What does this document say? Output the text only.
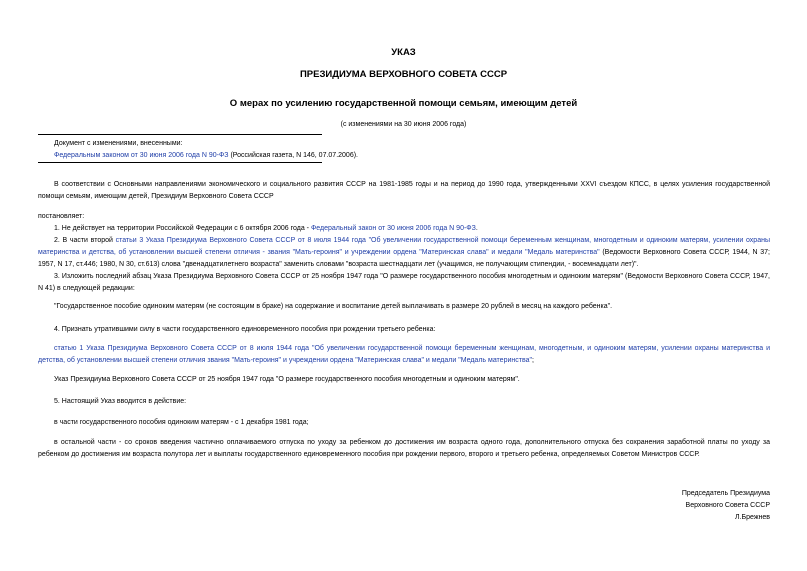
УКАЗ
ПРЕЗИДИУМА ВЕРХОВНОГО СОВЕТА СССР
О мерах по усилению государственной помощи семьям, имеющим детей
(с изменениями на 30 июня 2006 года)
Документ с изменениями, внесенными:
Федеральным законом от 30 июня 2006 года N 90-ФЗ (Российская газета, N 146, 07.07.2006).
В соответствии с Основными направлениями экономического и социального развития СССР на 1981-1985 годы и на период до 1990 года, утвержденными XXVI съездом КПСС, в целях усиления государственной помощи семьям, имеющим детей, Президиум Верховного Совета СССР
постановляет:
1. Не действует на территории Российской Федерации с 6 октября 2006 года - Федеральный закон от 30 июня 2006 года N 90-ФЗ.
2. В части второй статьи 3 Указа Президиума Верховного Совета СССР от 8 июля 1944 года "Об увеличении государственной помощи беременным женщинам, многодетным и одиноким матерям, усилении охраны материнства и детства, об установлении высшей степени отличия - звания "Мать-героиня" и учреждении ордена "Материнская слава" и медали "Медаль материнства" (Ведомости Верховного Совета СССР, 1944, N 37; 1957, N 17, ст.446; 1980, N 30, ст.613) слова "двенадцатилетнего возраста" заменить словами "возраста шестнадцати лет (учащимся, не получающим стипендии, - восемнадцати лет)".
3. Изложить последний абзац Указа Президиума Верховного Совета СССР от 25 ноября 1947 года "О размере государственного пособия многодетным и одиноким матерям" (Ведомости Верховного Совета СССР, 1947, N 41) в следующей редакции:
"Государственное пособие одиноким матерям (не состоящим в браке) на содержание и воспитание детей выплачивать в размере 20 рублей в месяц на каждого ребенка".
4. Признать утратившими силу в части государственного единовременного пособия при рождении третьего ребенка:
статью 1 Указа Президиума Верховного Совета СССР от 8 июля 1944 года "Об увеличении государственной помощи беременным женщинам, многодетным, и одиноким матерям, усилении охраны материнства и детства, об установлении высшей степени отличия звания "Мать-героиня" и учреждении ордена "Материнская слава" и медали "Медаль материнства";
Указ Президиума Верховного Совета СССР от 25 ноября 1947 года "О размере государственного пособия многодетным и одиноким матерям".
5. Настоящий Указ вводится в действие:
в части государственного пособия одиноким матерям - с 1 декабря 1981 года;
в остальной части - со сроков введения частично оплачиваемого отпуска по уходу за ребенком до достижения им возраста одного года, дополнительного отпуска без сохранения заработной платы по уходу за ребенком до достижения им возраста полутора лет и выплаты государственного единовременного пособия при рождении первого, второго и третьего ребенка, определяемых Советом Министров СССР.
Председатель Президиума
Верховного Совета СССР
Л.Брежнев
